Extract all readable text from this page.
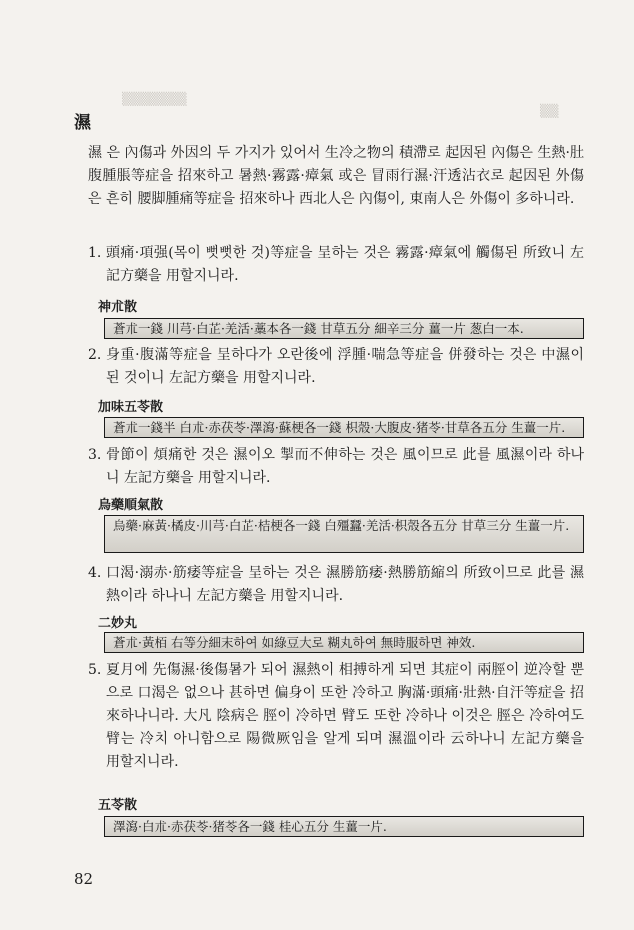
▒▒▒▒▒▒▒
▒▒
濕
濕 은 內傷과 外因의 두 가지가 있어서 生冷之物의 積滯로 起因된 內傷은 生熱·肚腹腫脹等症을 招來하고 暑熱·霧露·瘴氣 或은 冒雨行濕·汗透沾衣로 起因된 外傷은 흔히 腰脚腫痛等症을 招來하나 西北人은 內傷이, 東南人은 外傷이 多하니라.
1. 頭痛·項强(목이 뻣뻣한 것)等症을 呈하는 것은 霧露·瘴氣에 觸傷된 所致니 左記方藥을 用할지니라.
神朮散
蒼朮一錢 川芎·白芷·羌活·藁本各一錢 甘草五分 細辛三分 薑一片 葱白一本.
2. 身重·腹滿等症을 呈하다가 오란後에 浮腫·喘急等症을 併發하는 것은 中濕이 된 것이니 左記方藥을 用할지니라.
加味五苓散
蒼朮一錢半 白朮·赤茯苓·澤瀉·蘇梗各一錢 枳殼·大腹皮·猪苓·甘草各五分 生薑一片.
3. 骨節이 煩痛한 것은 濕이오 掣而不伸하는 것은 風이므로 此를 風濕이라 하나니 左記方藥을 用할지니라.
烏藥順氣散
烏藥·麻黃·橘皮·川芎·白芷·桔梗各一錢 白殭蠶·羌活·枳殼各五分 甘草三分 生薑一片.
4. 口渴·溺赤·筋痿等症을 呈하는 것은 濕勝筋痿·熱勝筋縮의 所致이므로 此를 濕熱이라 하나니 左記方藥을 用할지니라.
二妙丸
蒼朮·黃栢 右等分細末하여 如綠豆大로 糊丸하여 無時服하면 神效.
5. 夏月에 先傷濕·後傷暑가 되어 濕熱이 相搏하게 되면 其症이 兩脛이 逆冷할 뿐으로 口渴은 없으나 甚하면 偏身이 또한 冷하고 胸滿·頭痛·壯熱·自汗等症을 招來하나니라. 大凡 陰病은 脛이 冷하면 臂도 또한 冷하나 이것은 脛은 冷하여도 臂는 冷치 아니함으로 陽微厥임을 알게 되며 濕溫이라 云하나니 左記方藥을 用할지니라.
五苓散
澤瀉·白朮·赤茯苓·猪苓各一錢 桂心五分 生薑一片.
82
